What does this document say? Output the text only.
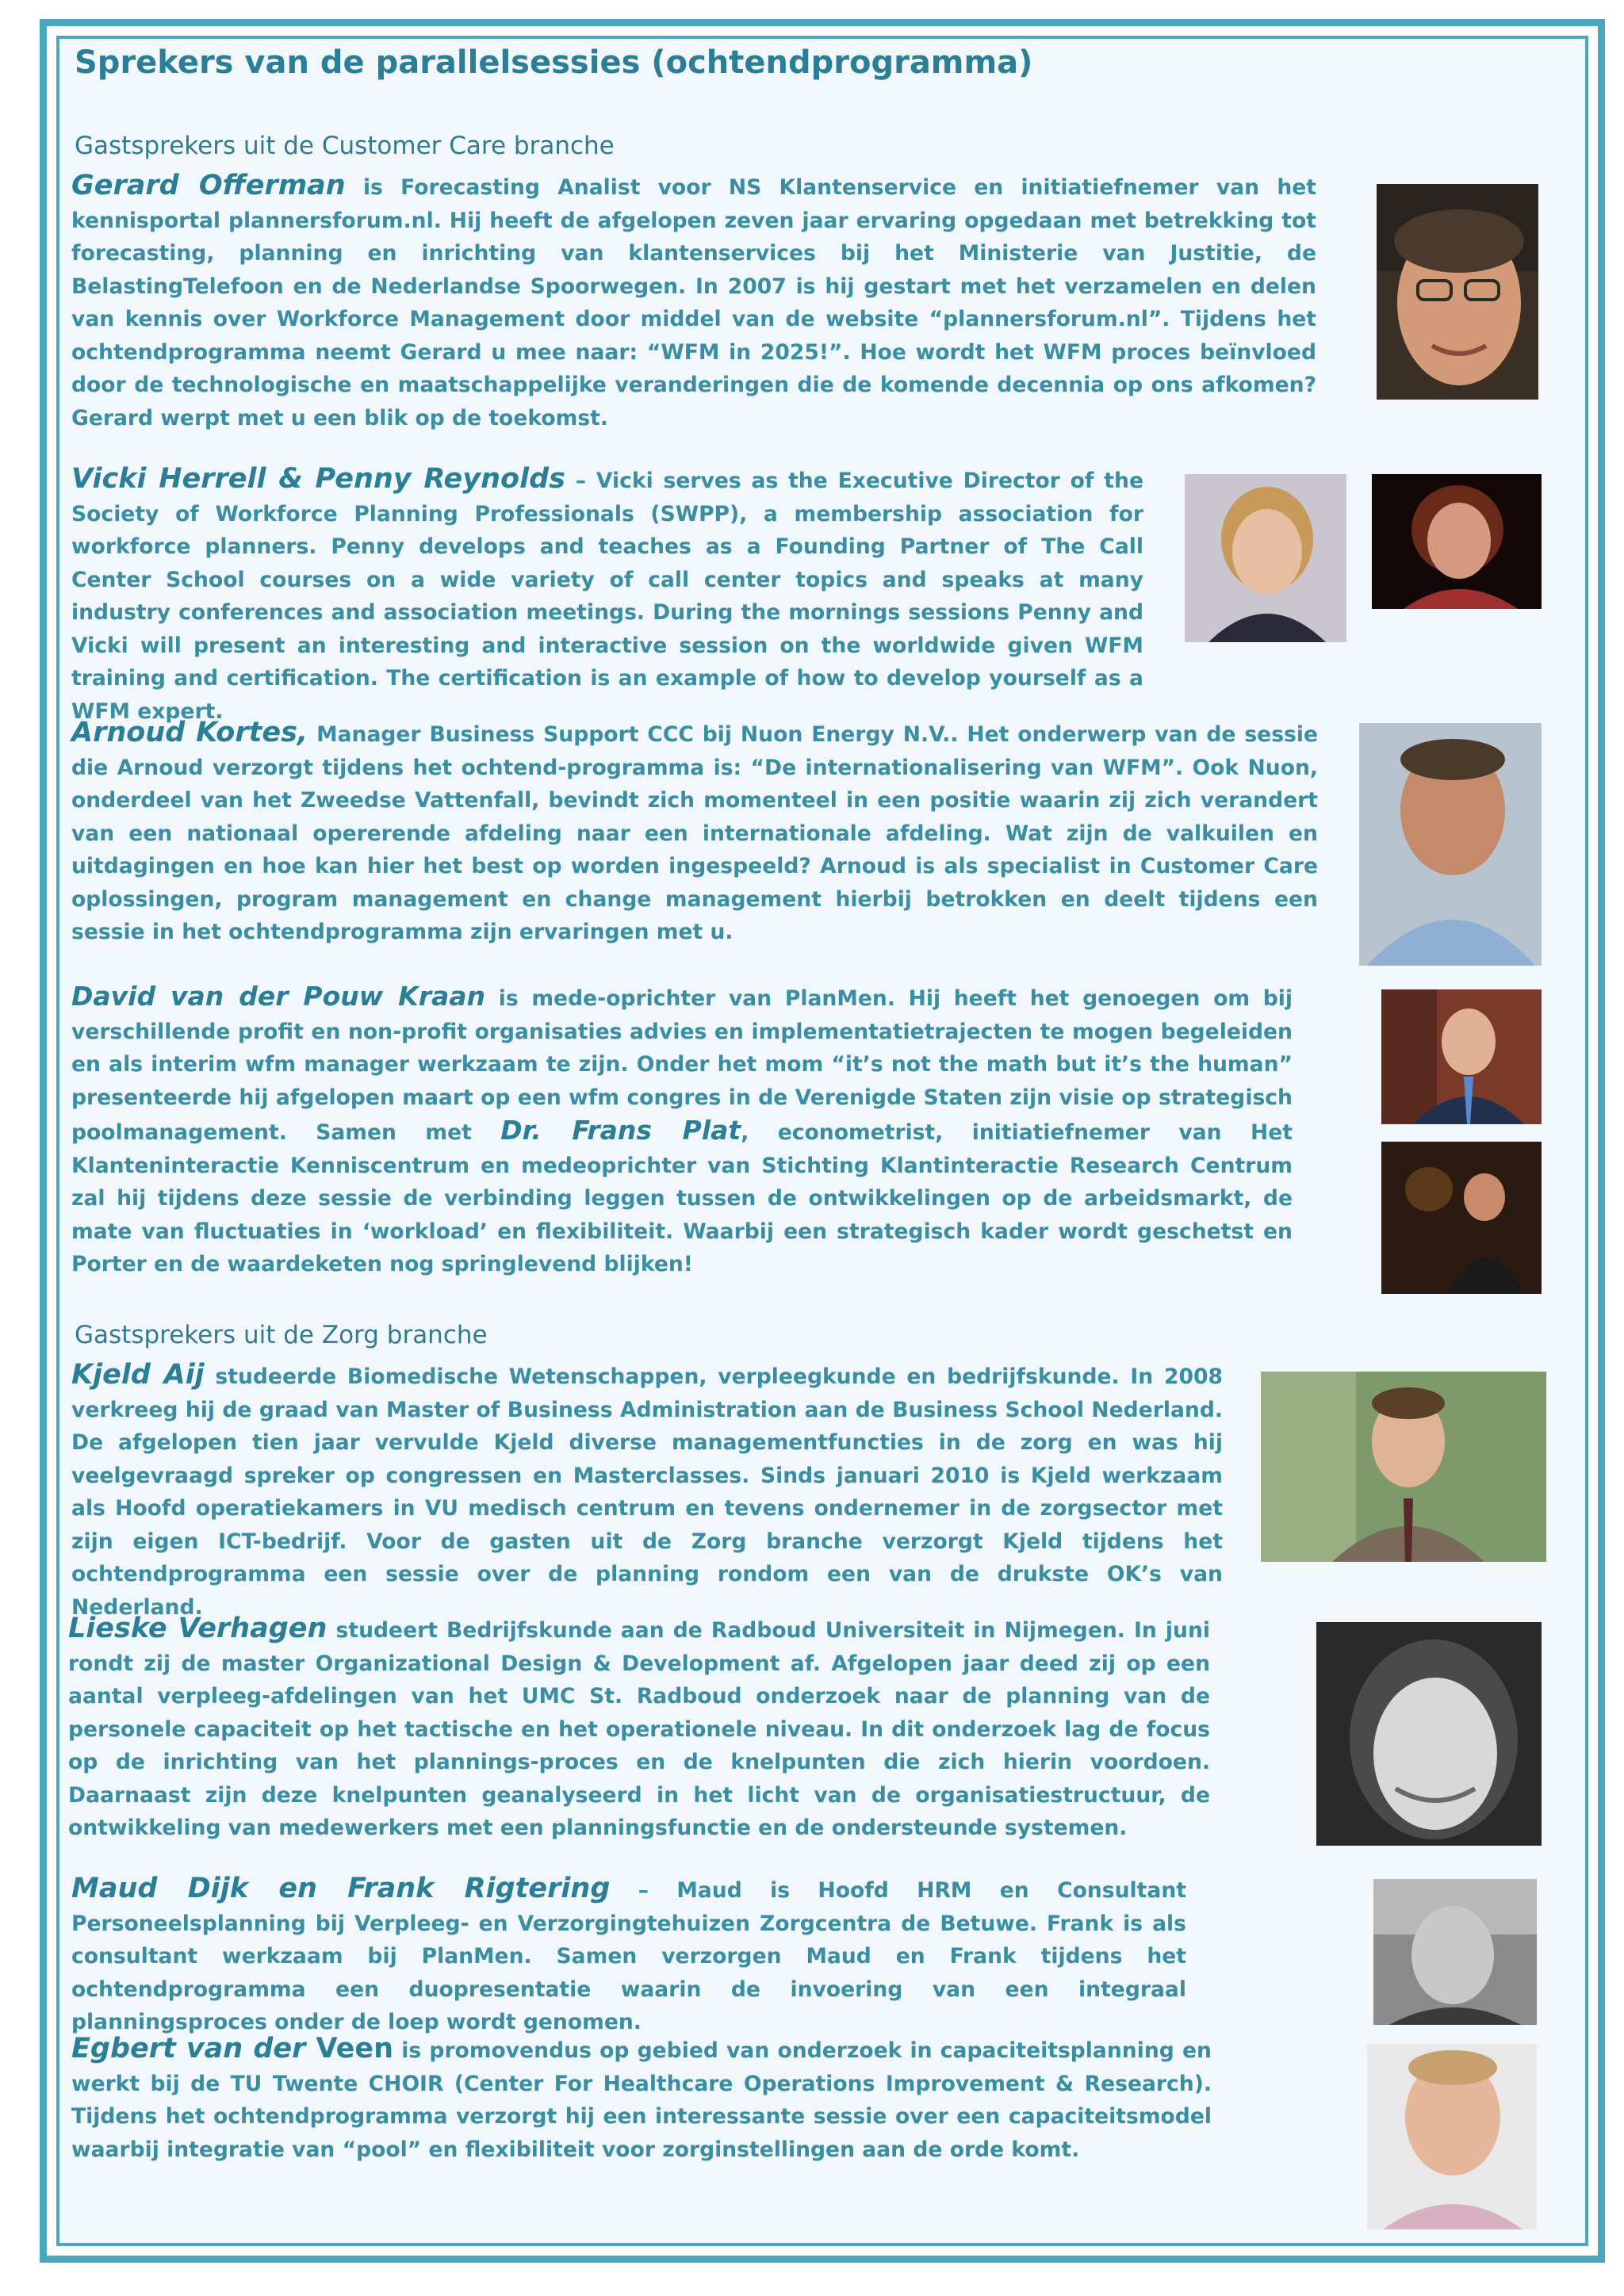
Sprekers van de parallelsessies (ochtendprogramma)
Gastsprekers uit de Customer Care branche

Gerard Offerman is Forecasting Analist voor NS Klantenservice en initiatiefnemer van het kennisportal plannersforum.nl. Hij heeft de afgelopen zeven jaar ervaring opgedaan met betrekking tot forecasting, planning en inrichting van klantenservices bij het Ministerie van Justitie, de BelastingTelefoon en de Nederlandse Spoorwegen. In 2007 is hij gestart met het verzamelen en delen van kennis over Workforce Management door middel van de website “plannersforum.nl”. Tijdens het ochtendprogramma neemt Gerard u mee naar: “WFM in 2025!”. Hoe wordt het WFM proces beïnvloed door de technologische en maatschappelijke veranderingen die de komende decennia op ons afkomen? Gerard werpt met u een blik op de toekomst.

Vicki Herrell & Penny Reynolds – Vicki serves as the Executive Director of the Society of Workforce Planning Professionals (SWPP), a membership association for workforce planners. Penny develops and teaches as a Founding Partner of The Call Center School courses on a wide variety of call center topics and speaks at many industry conferences and association meetings. During the mornings sessions Penny and Vicki will present an interesting and interactive session on the worldwide given WFM training and certification. The certification is an example of how to develop yourself as a WFM expert.

Arnoud Kortes, Manager Business Support CCC bij Nuon Energy N.V.. Het onderwerp van de sessie die Arnoud verzorgt tijdens het ochtend-programma is: “De internationalisering van WFM”. Ook Nuon, onderdeel van het Zweedse Vattenfall, bevindt zich momenteel in een positie waarin zij zich verandert van een nationaal opererende afdeling naar een internationale afdeling. Wat zijn de valkuilen en uitdagingen en hoe kan hier het best op worden ingespeeld? Arnoud is als specialist in Customer Care oplossingen, program management en change management hierbij betrokken en deelt tijdens een sessie in het ochtendprogramma zijn ervaringen met u.

David van der Pouw Kraan is mede-oprichter van PlanMen. Hij heeft het genoegen om bij verschillende profit en non-profit organisaties advies en implementatietrajecten te mogen begeleiden en als interim wfm manager werkzaam te zijn. Onder het mom “it’s not the math but it’s the human” presenteerde hij afgelopen maart op een wfm congres in de Verenigde Staten zijn visie op strategisch poolmanagement. Samen met Dr. Frans Plat, econometrist, initiatiefnemer van Het Klanteninteractie Kenniscentrum en medeoprichter van Stichting Klantinteractie Research Centrum zal hij tijdens deze sessie de verbinding leggen tussen de ontwikkelingen op de arbeidsmarkt, de mate van fluctuaties in ‘workload’ en flexibiliteit. Waarbij een strategisch kader wordt geschetst en Porter en de waardeketen nog springlevend blijken!

Gastsprekers uit de Zorg branche

Kjeld Aij studeerde Biomedische Wetenschappen, verpleegkunde en bedrijfskunde. In 2008 verkreeg hij de graad van Master of Business Administration aan de Business School Nederland. De afgelopen tien jaar vervulde Kjeld diverse managementfuncties in de zorg en was hij veelgevraagd spreker op congressen en Masterclasses. Sinds januari 2010 is Kjeld werkzaam als Hoofd operatiekamers in VU medisch centrum en tevens ondernemer in de zorgsector met zijn eigen ICT-bedrijf. Voor de gasten uit de Zorg branche verzorgt Kjeld tijdens het ochtendprogramma een sessie over de planning rondom een van de drukste OK’s van Nederland.

Lieske Verhagen studeert Bedrijfskunde aan de Radboud Universiteit in Nijmegen. In juni rondt zij de master Organizational Design & Development af. Afgelopen jaar deed zij op een aantal verpleeg-afdelingen van het UMC St. Radboud onderzoek naar de planning van de personele capaciteit op het tactische en het operationele niveau. In dit onderzoek lag de focus op de inrichting van het plannings-proces en de knelpunten die zich hierin voordoen. Daarnaast zijn deze knelpunten geanalyseerd in het licht van de organisatiestructuur, de ontwikkeling van medewerkers met een planningsfunctie en de ondersteunde systemen.

Maud Dijk en Frank Rigtering – Maud is Hoofd HRM en Consultant Personeelsplanning bij Verpleeg- en Verzorgingtehuizen Zorgcentra de Betuwe. Frank is als consultant werkzaam bij PlanMen. Samen verzorgen Maud en Frank tijdens het ochtendprogramma een duopresentatie waarin de invoering van een integraal planningsproces onder de loep wordt genomen.

Egbert van der Veen is promovendus op gebied van onderzoek in capaciteitsplanning en werkt bij de TU Twente CHOIR (Center For Healthcare Operations Improvement & Research). Tijdens het ochtendprogramma verzorgt hij een interessante sessie over een capaciteitsmodel waarbij integratie van “pool” en flexibiliteit voor zorginstellingen aan de orde komt.
